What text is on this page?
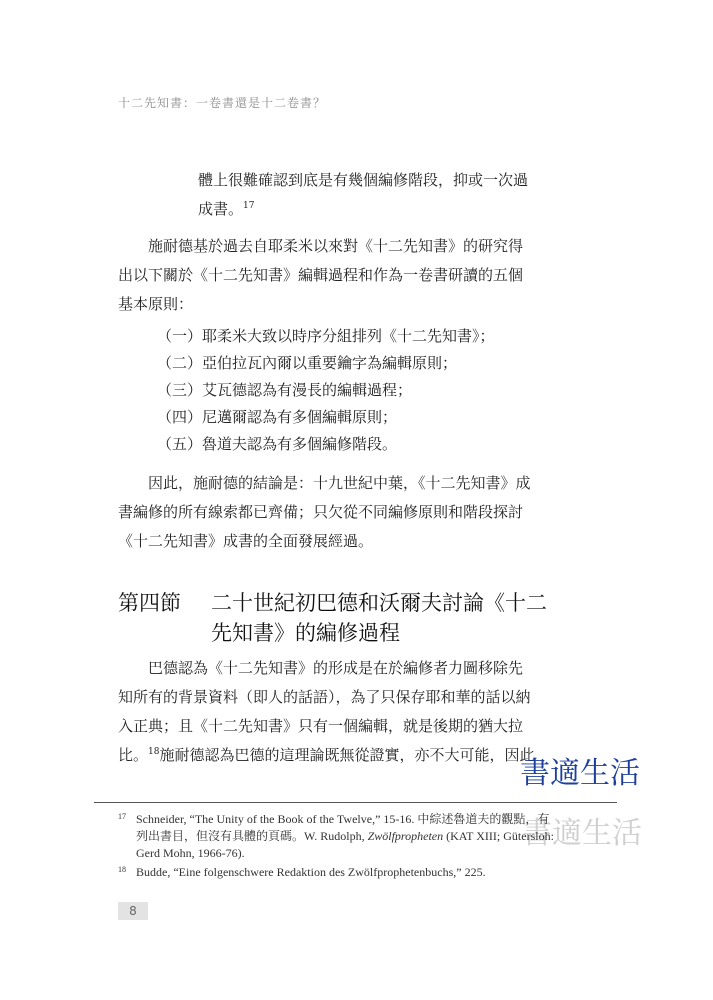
十二先知書：一卷書還是十二卷書？
體上很難確認到底是有幾個編修階段，抑或一次過
成書。$^{17}$
施耐德基於過去自耶柔米以來對《十二先知書》的研究得
出以下關於《十二先知書》編輯過程和作為一卷書研讀的五個
基本原則：
（一）耶柔米大致以時序分組排列《十二先知書》；
（二）亞伯拉瓦內爾以重要鑰字為編輯原則；
（三）艾瓦德認為有漫長的編輯過程；
（四）尼邁爾認為有多個編輯原則；
（五）魯道夫認為有多個編修階段。
因此，施耐德的結論是：十九世紀中葉，《十二先知書》成
書編修的所有線索都已齊備；只欠從不同編修原則和階段探討
《十二先知書》成書的全面發展經過。
第四節 二十世紀初巴德和沃爾夫討論《十二
先知書》的編修過程
巴德認為《十二先知書》的形成是在於編修者力圖移除先
知所有的背景資料（即人的話語），為了只保存耶和華的話以納
入正典；且《十二先知書》只有一個編輯，就是後期的猶大拉
比。$^{18}$施耐德認為巴德的這理論既無從證實，亦不大可能，因此
書適生活
書適生活
17 Schneider, “The Unity of the Book of the Twelve,” 15-16. 中綜述魯道夫的觀點，有
列出書目，但沒有具體的頁碼。W. Rudolph, Zwölfpropheten (KAT XIII; Gütersloh:
Gerd Mohn, 1966-76).
18 Budde, “Eine folgenschwere Redaktion des Zwölfprophetenbuchs,” 225.
8
